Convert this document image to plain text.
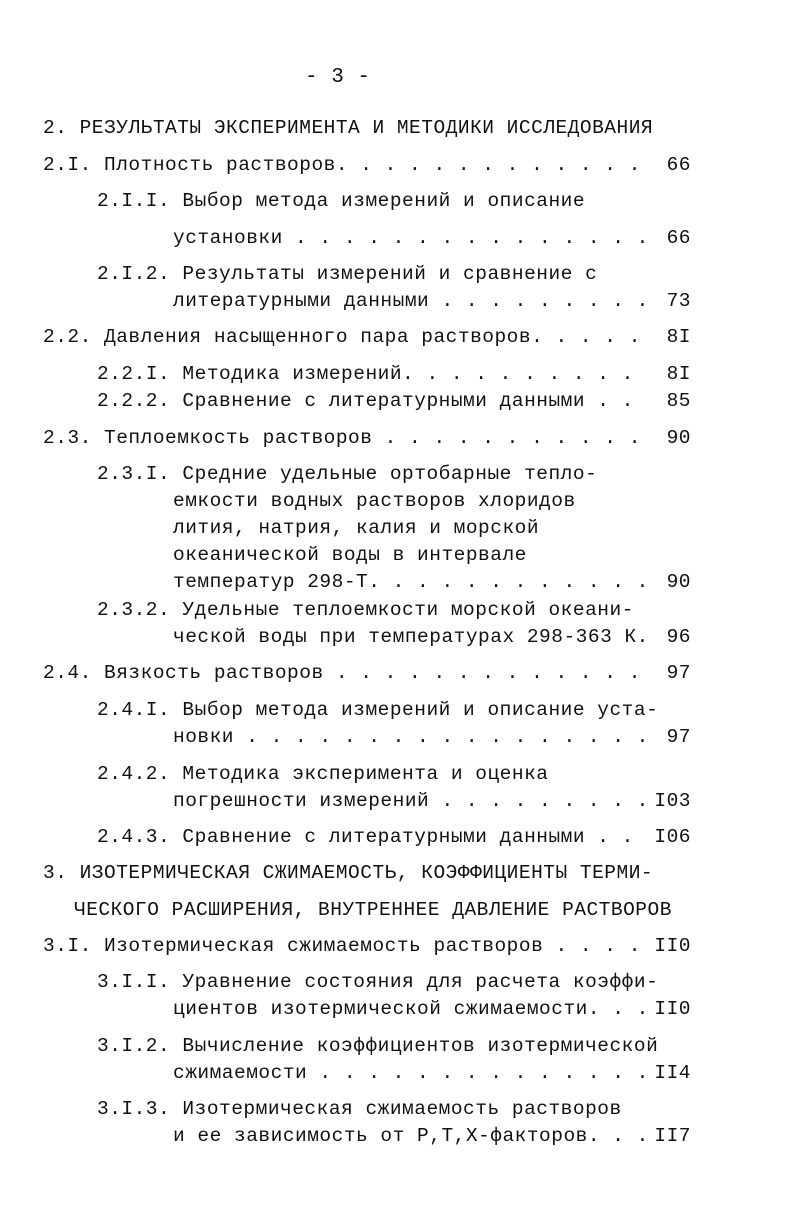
- 3 -
2. РЕЗУЛЬТАТЫ ЭКСПЕРИМЕНТА И МЕТОДИКИ ИССЛЕДОВАНИЯ
2.I. Плотность растворов. . . . . . . . . . . . . 66
2.I.I. Выбор метода измерений и описание
установки . . . . . . . . . . . . . . . 66
2.I.2. Результаты измерений и сравнение с
литературными данными . . . . . . . . . 73
2.2. Давления насыщенного пара растворов. . . . . 8I
2.2.I. Методика измерений. . . . . . . . . . 8I
2.2.2. Сравнение с литературными данными . . 85
2.3. Теплоемкость растворов . . . . . . . . . . . 90
2.3.I. Средние удельные ортобарные тепло-
емкости водных растворов хлоридов
лития, натрия, калия и морской
океанической воды в интервале
температур 298-Т. . . . . . . . . . . . 90
2.3.2. Удельные теплоемкости морской океани-
ческой воды при температурах 298-363 К. 96
2.4. Вязкость растворов . . . . . . . . . . . . . 97
2.4.I. Выбор метода измерений и описание уста-
новки . . . . . . . . . . . . . . . . . 97
2.4.2. Методика эксперимента и оценка
погрешности измерений . . . . . . . . . I03
2.4.3. Сравнение с литературными данными . . I06
3. ИЗОТЕРМИЧЕСКАЯ СЖИМАЕМОСТЬ, КОЭФФИЦИЕНТЫ ТЕРМИ-
ЧЕСКОГО РАСШИРЕНИЯ, ВНУТРЕННЕЕ ДАВЛЕНИЕ РАСТВОРОВ
3.I. Изотермическая сжимаемость растворов . . . . II0
3.I.I. Уравнение состояния для расчета коэффи-
циентов изотермической сжимаемости. . . II0
3.I.2. Вычисление коэффициентов изотермической
сжимаемости . . . . . . . . . . . . . . II4
3.I.3. Изотермическая сжимаемость растворов
и ее зависимость от Р,Т,Х-факторов. . . II7
